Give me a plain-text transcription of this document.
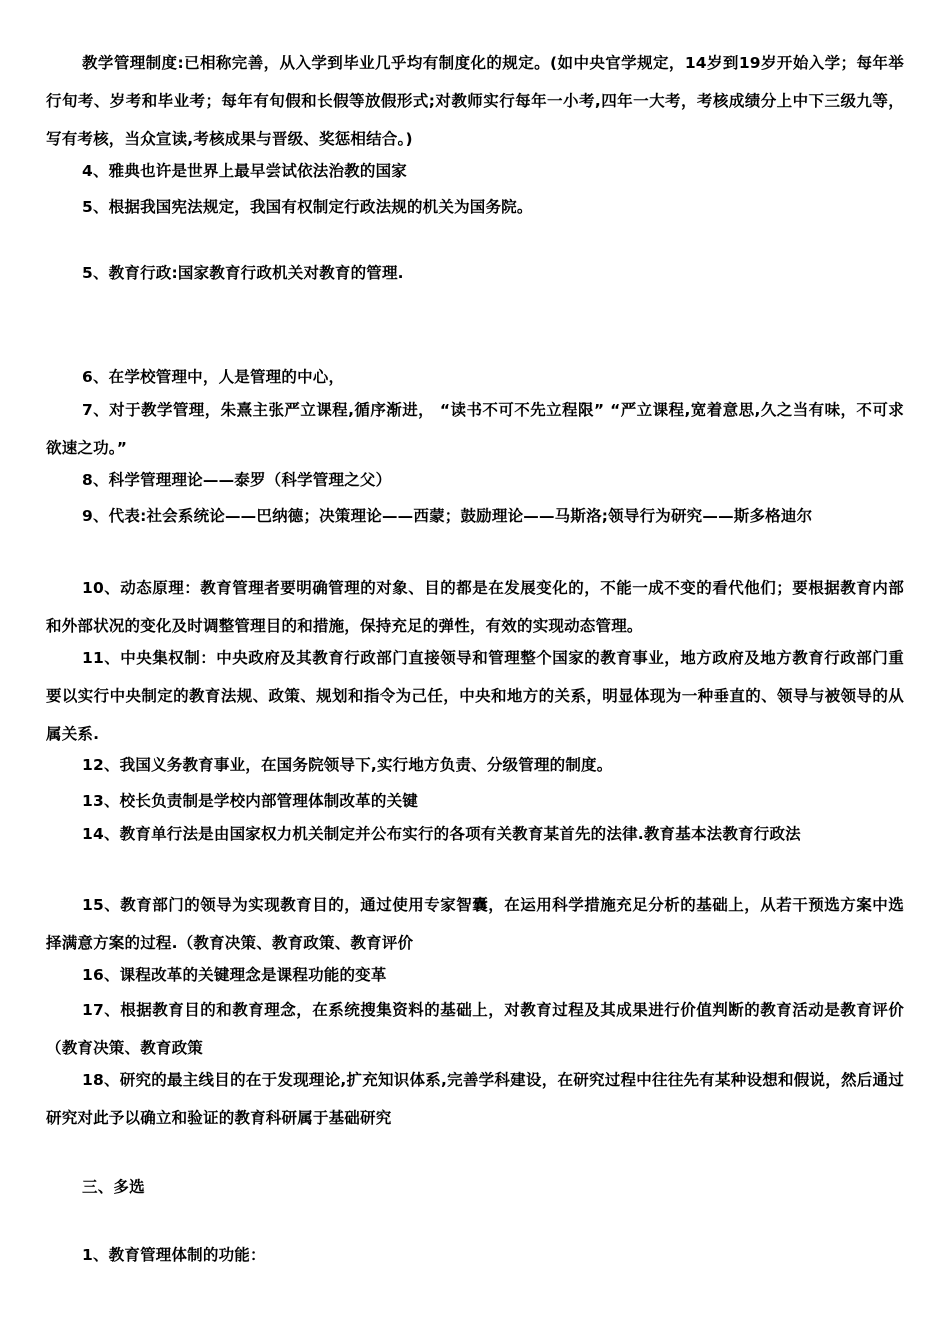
教学管理制度:已相称完善，从入学到毕业几乎均有制度化的规定。(如中央官学规定，14岁到19岁开始入学；每年举行旬考、岁考和毕业考；每年有旬假和长假等放假形式;对教师实行每年一小考,四年一大考，考核成绩分上中下三级九等，写有考核，当众宣读,考核成果与晋级、奖惩相结合。)

4、雅典也许是世界上最早尝试依法治教的国家

5、根据我国宪法规定，我国有权制定行政法规的机关为国务院。

5、教育行政:国家教育行政机关对教育的管理.

6、在学校管理中，人是管理的中心，

7、对于教学管理，朱熹主张严立课程,循序渐进， “读书不可不先立程限” “严立课程,宽着意思,久之当有味，不可求欲速之功。”

8、科学管理理论——泰罗（科学管理之父）

9、代表:社会系统论——巴纳德；决策理论——西蒙；鼓励理论——马斯洛;领导行为研究——斯多格迪尔

10、动态原理：教育管理者要明确管理的对象、目的都是在发展变化的，不能一成不变的看代他们；要根据教育内部和外部状况的变化及时调整管理目的和措施，保持充足的弹性，有效的实现动态管理。

11、中央集权制：中央政府及其教育行政部门直接领导和管理整个国家的教育事业，地方政府及地方教育行政部门重要以实行中央制定的教育法规、政策、规划和指令为己任，中央和地方的关系，明显体现为一种垂直的、领导与被领导的从属关系.

12、我国义务教育事业，在国务院领导下,实行地方负责、分级管理的制度。

13、校长负责制是学校内部管理体制改革的关键

14、教育单行法是由国家权力机关制定并公布实行的各项有关教育某首先的法律.教育基本法教育行政法

15、教育部门的领导为实现教育目的，通过使用专家智囊，在运用科学措施充足分析的基础上，从若干预选方案中选择满意方案的过程.（教育决策、教育政策、教育评价

16、课程改革的关键理念是课程功能的变革

17、根据教育目的和教育理念，在系统搜集资料的基础上，对教育过程及其成果进行价值判断的教育活动是教育评价（教育决策、教育政策

18、研究的最主线目的在于发现理论,扩充知识体系,完善学科建设，在研究过程中往往先有某种设想和假说，然后通过研究对此予以确立和验证的教育科研属于基础研究

三、多选

1、教育管理体制的功能：
